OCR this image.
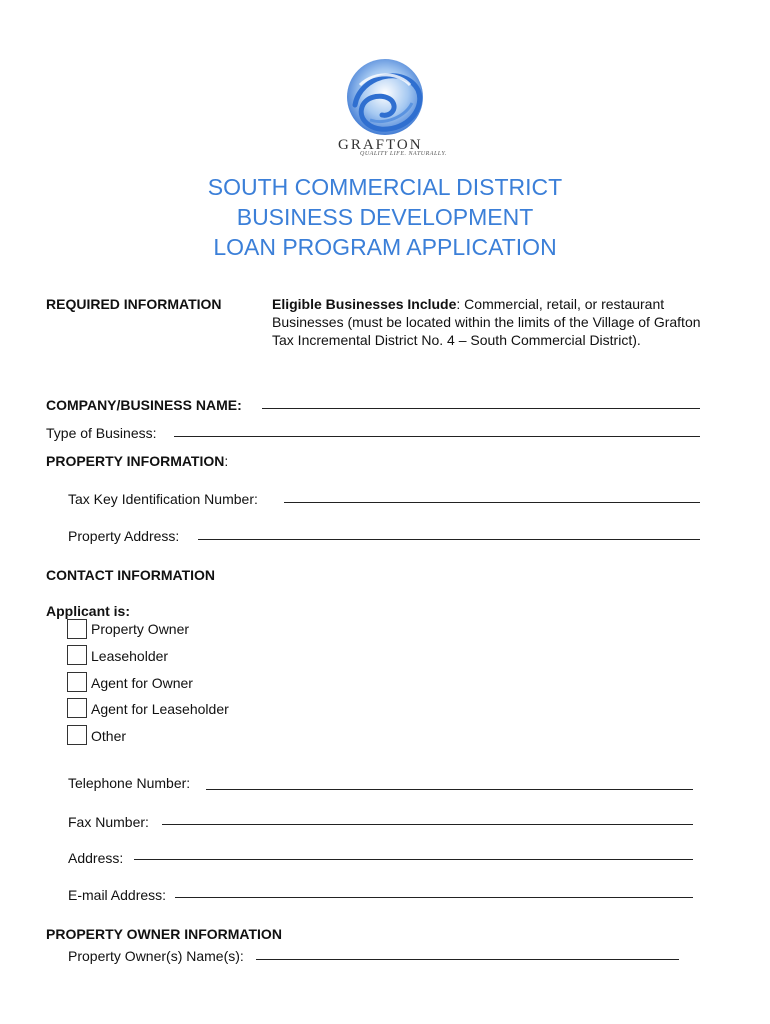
GRAFTON
QUALITY LIFE. NATURALLY.
SOUTH COMMERCIAL DISTRICT
BUSINESS DEVELOPMENT
LOAN PROGRAM APPLICATION
REQUIRED INFORMATION	Eligible Businesses Include: Commercial, retail, or restaurant Businesses (must be located within the limits of the Village of Grafton Tax Incremental District No. 4 – South Commercial District).
COMPANY/BUSINESS NAME:
Type of Business:
PROPERTY INFORMATION:
Tax Key Identification Number:
Property Address:
CONTACT INFORMATION
Applicant is:
Property Owner
Leaseholder
Agent for Owner
Agent for Leaseholder
Other
Telephone Number:
Fax Number:
Address:
E-mail Address:
PROPERTY OWNER INFORMATION
Property Owner(s) Name(s):
